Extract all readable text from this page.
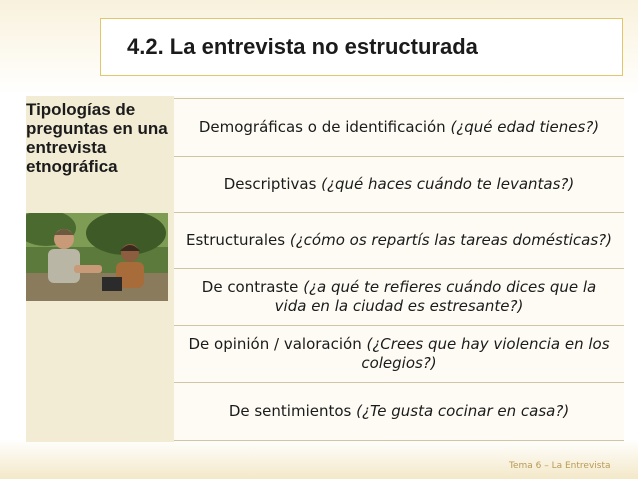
4.2. La entrevista no estructurada
Tipologías de preguntas en una entrevista etnográfica
Demográficas o de identificación (¿qué edad tienes?)
Descriptivas (¿qué haces cuándo te levantas?)
Estructurales (¿cómo os repartís las tareas domésticas?)
De contraste (¿a qué te refieres cuándo dices que la vida en la ciudad es estresante?)
De opinión / valoración (¿Crees que hay violencia en los colegios?)
De sentimientos (¿Te gusta cocinar en casa?)
Tema 6 – La Entrevista
